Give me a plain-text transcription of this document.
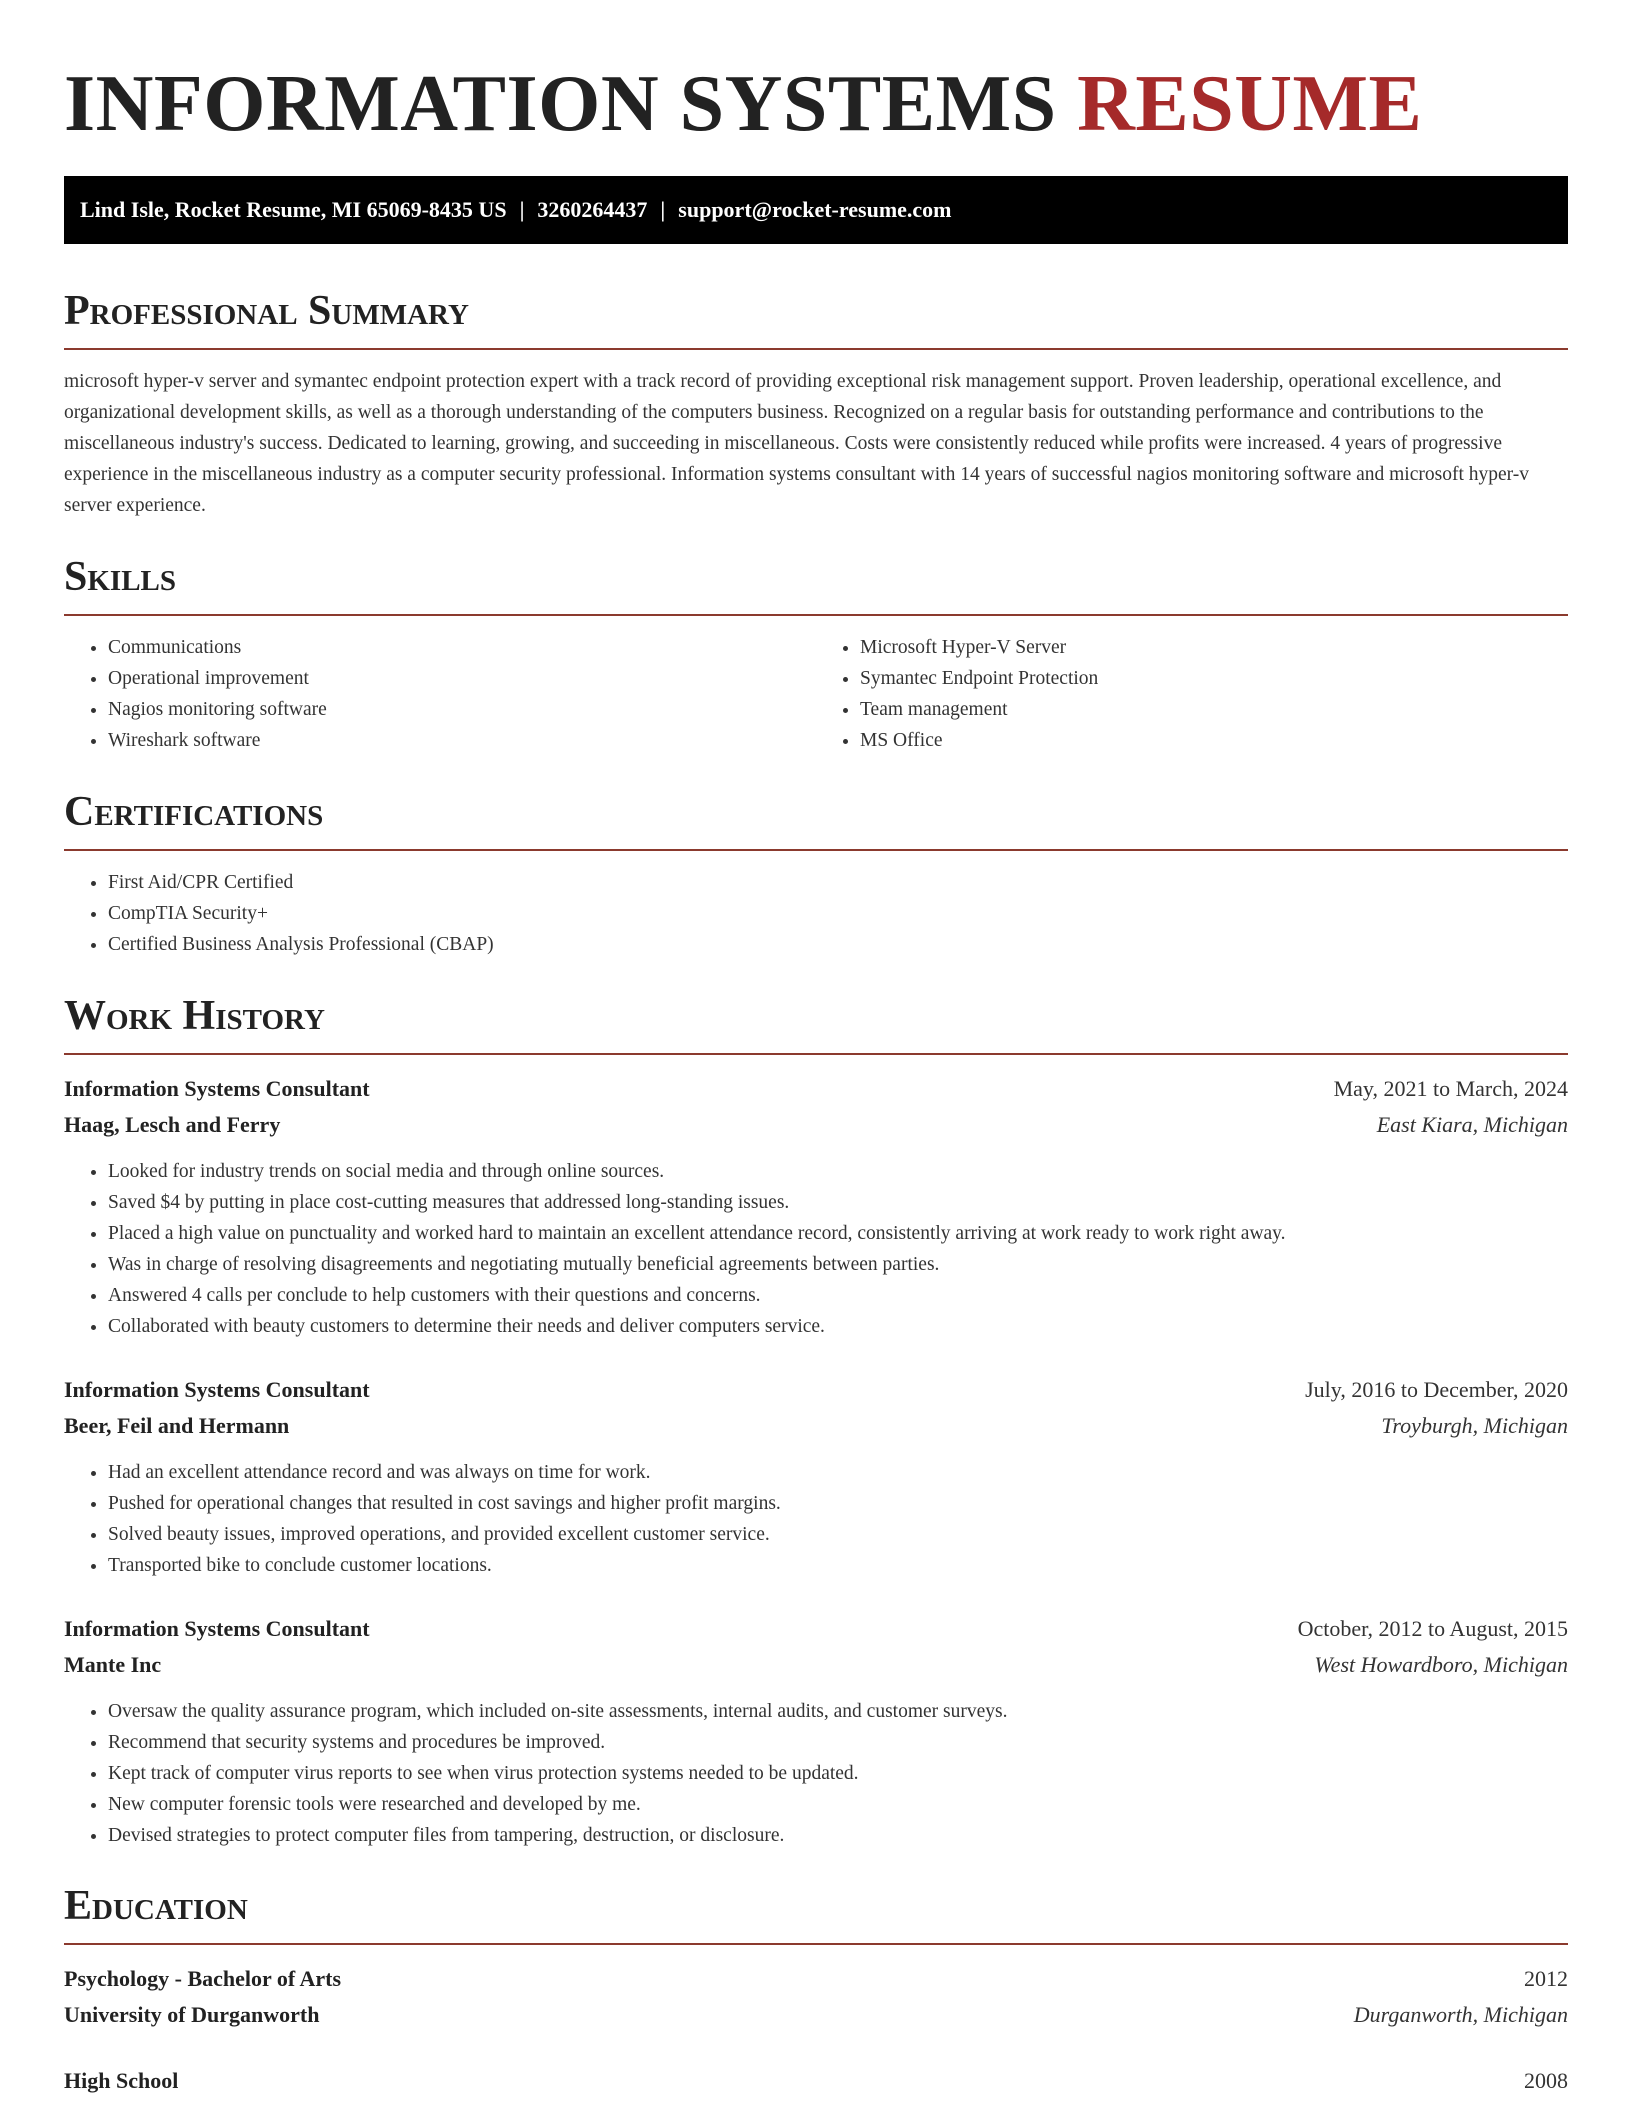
INFORMATION SYSTEMS RESUME
Lind Isle, Rocket Resume, MI 65069-8435 US | 3260264437 | support@rocket-resume.com
Professional Summary

microsoft hyper-v server and symantec endpoint protection expert with a track record of providing exceptional risk management support. Proven leadership, operational excellence, and organizational development skills, as well as a thorough understanding of the computers business. Recognized on a regular basis for outstanding performance and contributions to the miscellaneous industry's success. Dedicated to learning, growing, and succeeding in miscellaneous. Costs were consistently reduced while profits were increased. 4 years of progressive experience in the miscellaneous industry as a computer security professional. Information systems consultant with 14 years of successful nagios monitoring software and microsoft hyper-v server experience.

Skills
• Communications
• Operational improvement
• Nagios monitoring software
• Wireshark software
• Microsoft Hyper-V Server
• Symantec Endpoint Protection
• Team management
• MS Office
Certifications
• First Aid/CPR Certified
• CompTIA Security+
• Certified Business Analysis Professional (CBAP)
Work History
Information Systems Consultant	May, 2021 to March, 2024
Haag, Lesch and Ferry	East Kiara, Michigan
• Looked for industry trends on social media and through online sources.
• Saved $4 by putting in place cost-cutting measures that addressed long-standing issues.
• Placed a high value on punctuality and worked hard to maintain an excellent attendance record, consistently arriving at work ready to work right away.
• Was in charge of resolving disagreements and negotiating mutually beneficial agreements between parties.
• Answered 4 calls per conclude to help customers with their questions and concerns.
• Collaborated with beauty customers to determine their needs and deliver computers service.
Information Systems Consultant	July, 2016 to December, 2020
Beer, Feil and Hermann	Troyburgh, Michigan
• Had an excellent attendance record and was always on time for work.
• Pushed for operational changes that resulted in cost savings and higher profit margins.
• Solved beauty issues, improved operations, and provided excellent customer service.
• Transported bike to conclude customer locations.
Information Systems Consultant	October, 2012 to August, 2015
Mante Inc	West Howardboro, Michigan
• Oversaw the quality assurance program, which included on-site assessments, internal audits, and customer surveys.
• Recommend that security systems and procedures be improved.
• Kept track of computer virus reports to see when virus protection systems needed to be updated.
• New computer forensic tools were researched and developed by me.
• Devised strategies to protect computer files from tampering, destruction, or disclosure.
Education
Psychology - Bachelor of Arts	2012
University of Durganworth	Durganworth, Michigan
High School	2008
